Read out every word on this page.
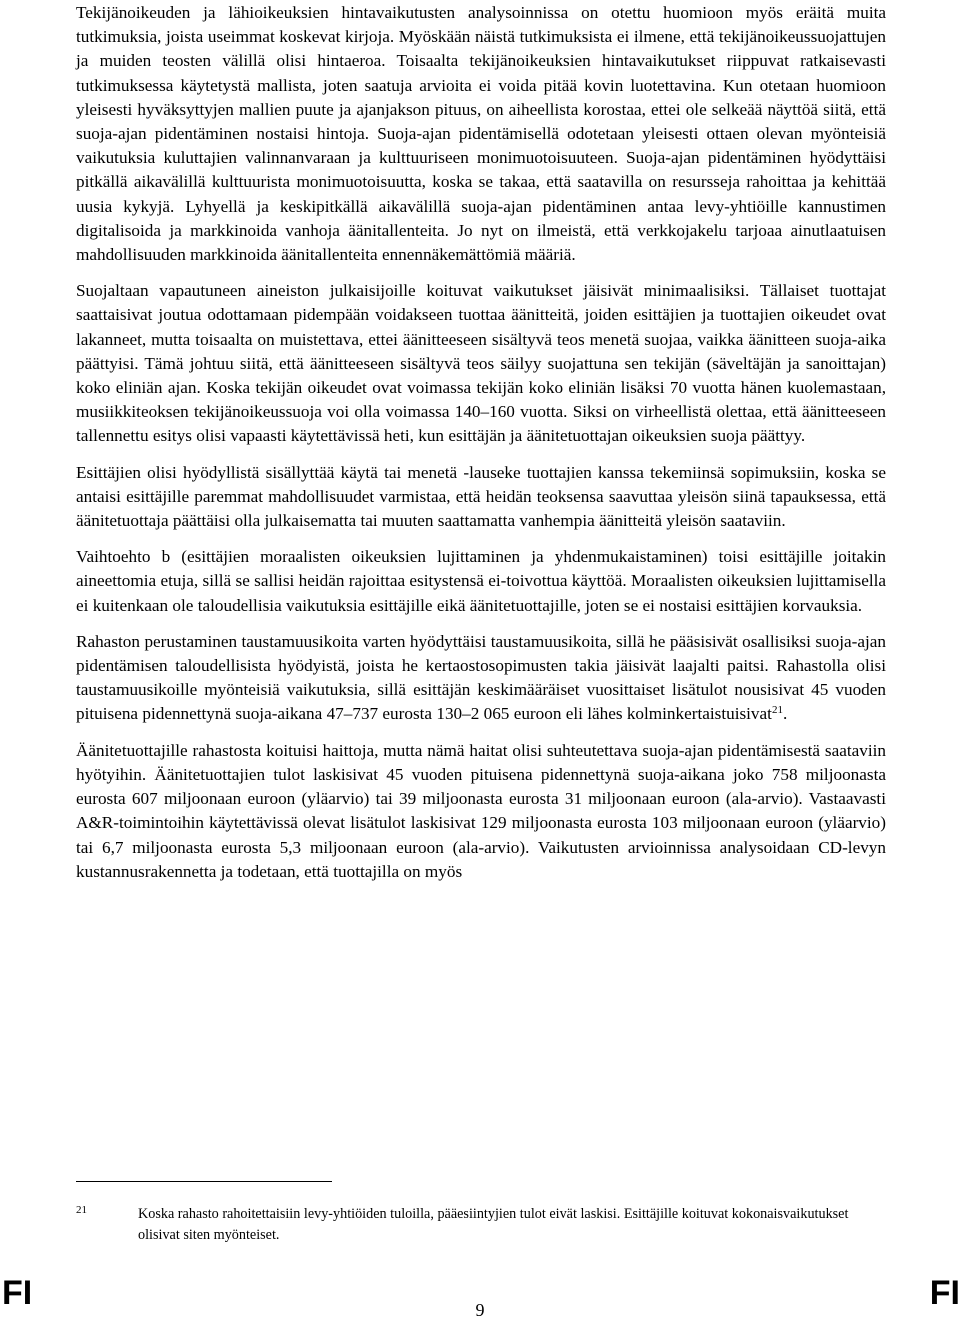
Tekijänoikeuden ja lähioikeuksien hintavaikutusten analysoinnissa on otettu huomioon myös eräitä muita tutkimuksia, joista useimmat koskevat kirjoja. Myöskään näistä tutkimuksista ei ilmene, että tekijänoikeussuojattujen ja muiden teosten välillä olisi hintaeroa. Toisaalta tekijänoikeuksien hintavaikutukset riippuvat ratkaisevasti tutkimuksessa käytetystä mallista, joten saatuja arvioita ei voida pitää kovin luotettavina. Kun otetaan huomioon yleisesti hyväksyttyjen mallien puute ja ajanjakson pituus, on aiheellista korostaa, ettei ole selkeää näyttöä siitä, että suoja-ajan pidentäminen nostaisi hintoja. Suoja-ajan pidentämisellä odotetaan yleisesti ottaen olevan myönteisiä vaikutuksia kuluttajien valinnanvaraan ja kulttuuriseen monimuotoisuuteen. Suoja-ajan pidentäminen hyödyttäisi pitkällä aikavälillä kulttuurista monimuotoisuutta, koska se takaa, että saatavilla on resursseja rahoittaa ja kehittää uusia kykyjä. Lyhyellä ja keskipitkällä aikavälillä suoja-ajan pidentäminen antaa levy-yhtiöille kannustimen digitalisoida ja markkinoida vanhoja äänitallenteita. Jo nyt on ilmeistä, että verkkojakelu tarjoaa ainutlaatuisen mahdollisuuden markkinoida äänitallenteita ennennäkemättömiä määriä.

Suojaltaan vapautuneen aineiston julkaisijoille koituvat vaikutukset jäisivät minimaalisiksi. Tällaiset tuottajat saattaisivat joutua odottamaan pidempään voidakseen tuottaa äänitteitä, joiden esittäjien ja tuottajien oikeudet ovat lakanneet, mutta toisaalta on muistettava, ettei äänitteeseen sisältyvä teos menetä suojaa, vaikka äänitteen suoja-aika päättyisi. Tämä johtuu siitä, että äänitteeseen sisältyvä teos säilyy suojattuna sen tekijän (säveltäjän ja sanoittajan) koko eliniän ajan. Koska tekijän oikeudet ovat voimassa tekijän koko eliniän lisäksi 70 vuotta hänen kuolemastaan, musiikkiteoksen tekijänoikeussuoja voi olla voimassa 140–160 vuotta. Siksi on virheellistä olettaa, että äänitteeseen tallennettu esitys olisi vapaasti käytettävissä heti, kun esittäjän ja äänitetuottajan oikeuksien suoja päättyy.

Esittäjien olisi hyödyllistä sisällyttää käytä tai menetä -lauseke tuottajien kanssa tekemiinsä sopimuksiin, koska se antaisi esittäjille paremmat mahdollisuudet varmistaa, että heidän teoksensa saavuttaa yleisön siinä tapauksessa, että äänitetuottaja päättäisi olla julkaisematta tai muuten saattamatta vanhempia äänitteitä yleisön saataviin.

Vaihtoehto b (esittäjien moraalisten oikeuksien lujittaminen ja yhdenmukaistaminen) toisi esittäjille joitakin aineettomia etuja, sillä se sallisi heidän rajoittaa esitystensä ei-toivottua käyttöä. Moraalisten oikeuksien lujittamisella ei kuitenkaan ole taloudellisia vaikutuksia esittäjille eikä äänitetuottajille, joten se ei nostaisi esittäjien korvauksia.

Rahaston perustaminen taustamuusikoita varten hyödyttäisi taustamuusikoita, sillä he pääsisivät osallisiksi suoja-ajan pidentämisen taloudellisista hyödyistä, joista he kertaostosopimusten takia jäisivät laajalti paitsi. Rahastolla olisi taustamuusikoille myönteisiä vaikutuksia, sillä esittäjän keskimääräiset vuosittaiset lisätulot nousisivat 45 vuoden pituisena pidennettynä suoja-aikana 47–737 eurosta 130–2 065 euroon eli lähes kolminkertaistuisivat$^{21}$.

Äänitetuottajille rahastosta koituisi haittoja, mutta nämä haitat olisi suhteutettava suoja-ajan pidentämisestä saataviin hyötyihin. Äänitetuottajien tulot laskisivat 45 vuoden pituisena pidennettynä suoja-aikana joko 758 miljoonasta eurosta 607 miljoonaan euroon (yläarvio) tai 39 miljoonasta eurosta 31 miljoonaan euroon (ala-arvio). Vastaavasti A&R-toimintoihin käytettävissä olevat lisätulot laskisivat 129 miljoonasta eurosta 103 miljoonaan euroon (yläarvio) tai 6,7 miljoonasta eurosta 5,3 miljoonaan euroon (ala-arvio). Vaikutusten arvioinnissa analysoidaan CD-levyn kustannusrakennetta ja todetaan, että tuottajilla on myös

21	Koska rahasto rahoitettaisiin levy-yhtiöiden tuloilla, pääesiintyjien tulot eivät laskisi. Esittäjille koituvat kokonaisvaikutukset olisivat siten myönteiset.
FI	9	FI
